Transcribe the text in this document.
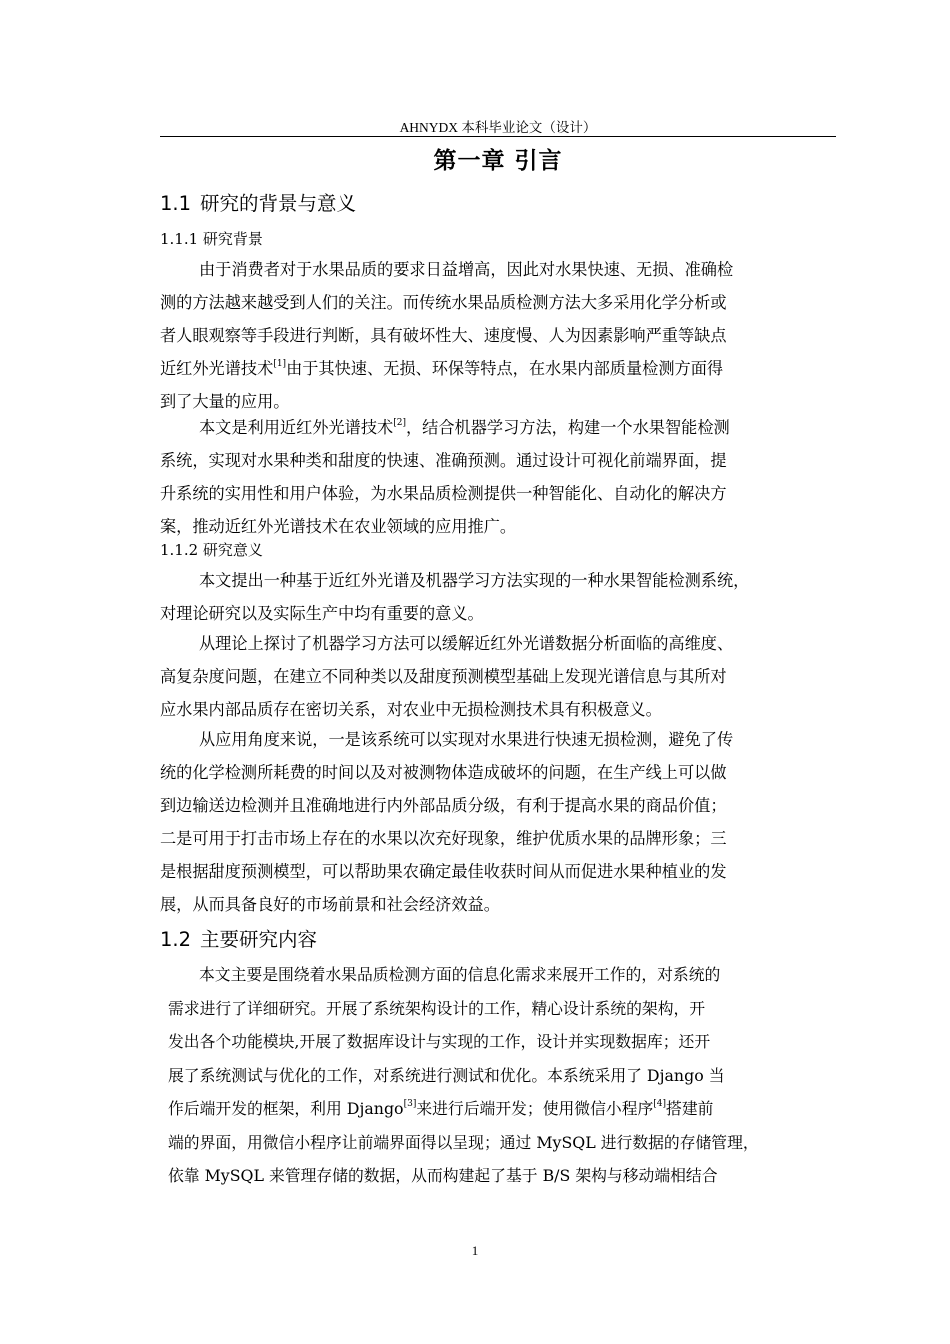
AHNYDX 本科毕业论文（设计）
第一章 引言
1.1 研究的背景与意义
1.1.1 研究背景
由于消费者对于水果品质的要求日益增高，因此对水果快速、无损、准确检
测的方法越来越受到人们的关注。而传统水果品质检测方法大多采用化学分析或
者人眼观察等手段进行判断，具有破坏性大、速度慢、人为因素影响严重等缺点
近红外光谱技术[1]由于其快速、无损、环保等特点，在水果内部质量检测方面得
到了大量的应用。
本文是利用近红外光谱技术[2]，结合机器学习方法，构建一个水果智能检测
系统，实现对水果种类和甜度的快速、准确预测。通过设计可视化前端界面，提
升系统的实用性和用户体验，为水果品质检测提供一种智能化、自动化的解决方
案，推动近红外光谱技术在农业领域的应用推广。
1.1.2 研究意义
本文提出一种基于近红外光谱及机器学习方法实现的一种水果智能检测系统，
对理论研究以及实际生产中均有重要的意义。
从理论上探讨了机器学习方法可以缓解近红外光谱数据分析面临的高维度、
高复杂度问题，在建立不同种类以及甜度预测模型基础上发现光谱信息与其所对
应水果内部品质存在密切关系，对农业中无损检测技术具有积极意义。
从应用角度来说，一是该系统可以实现对水果进行快速无损检测，避免了传
统的化学检测所耗费的时间以及对被测物体造成破坏的问题，在生产线上可以做
到边输送边检测并且准确地进行内外部品质分级，有利于提高水果的商品价值；
二是可用于打击市场上存在的水果以次充好现象，维护优质水果的品牌形象；三
是根据甜度预测模型，可以帮助果农确定最佳收获时间从而促进水果种植业的发
展，从而具备良好的市场前景和社会经济效益。
1.2 主要研究内容
本文主要是围绕着水果品质检测方面的信息化需求来展开工作的，对系统的
需求进行了详细研究。开展了系统架构设计的工作，精心设计系统的架构，开
发出各个功能模块,开展了数据库设计与实现的工作，设计并实现数据库；还开
展了系统测试与优化的工作，对系统进行测试和优化。本系统采用了 Django 当
作后端开发的框架，利用 Django[3]来进行后端开发；使用微信小程序[4]搭建前
端的界面，用微信小程序让前端界面得以呈现；通过 MySQL 进行数据的存储管理，
依靠 MySQL 来管理存储的数据，从而构建起了基于 B/S 架构与移动端相结合
1
